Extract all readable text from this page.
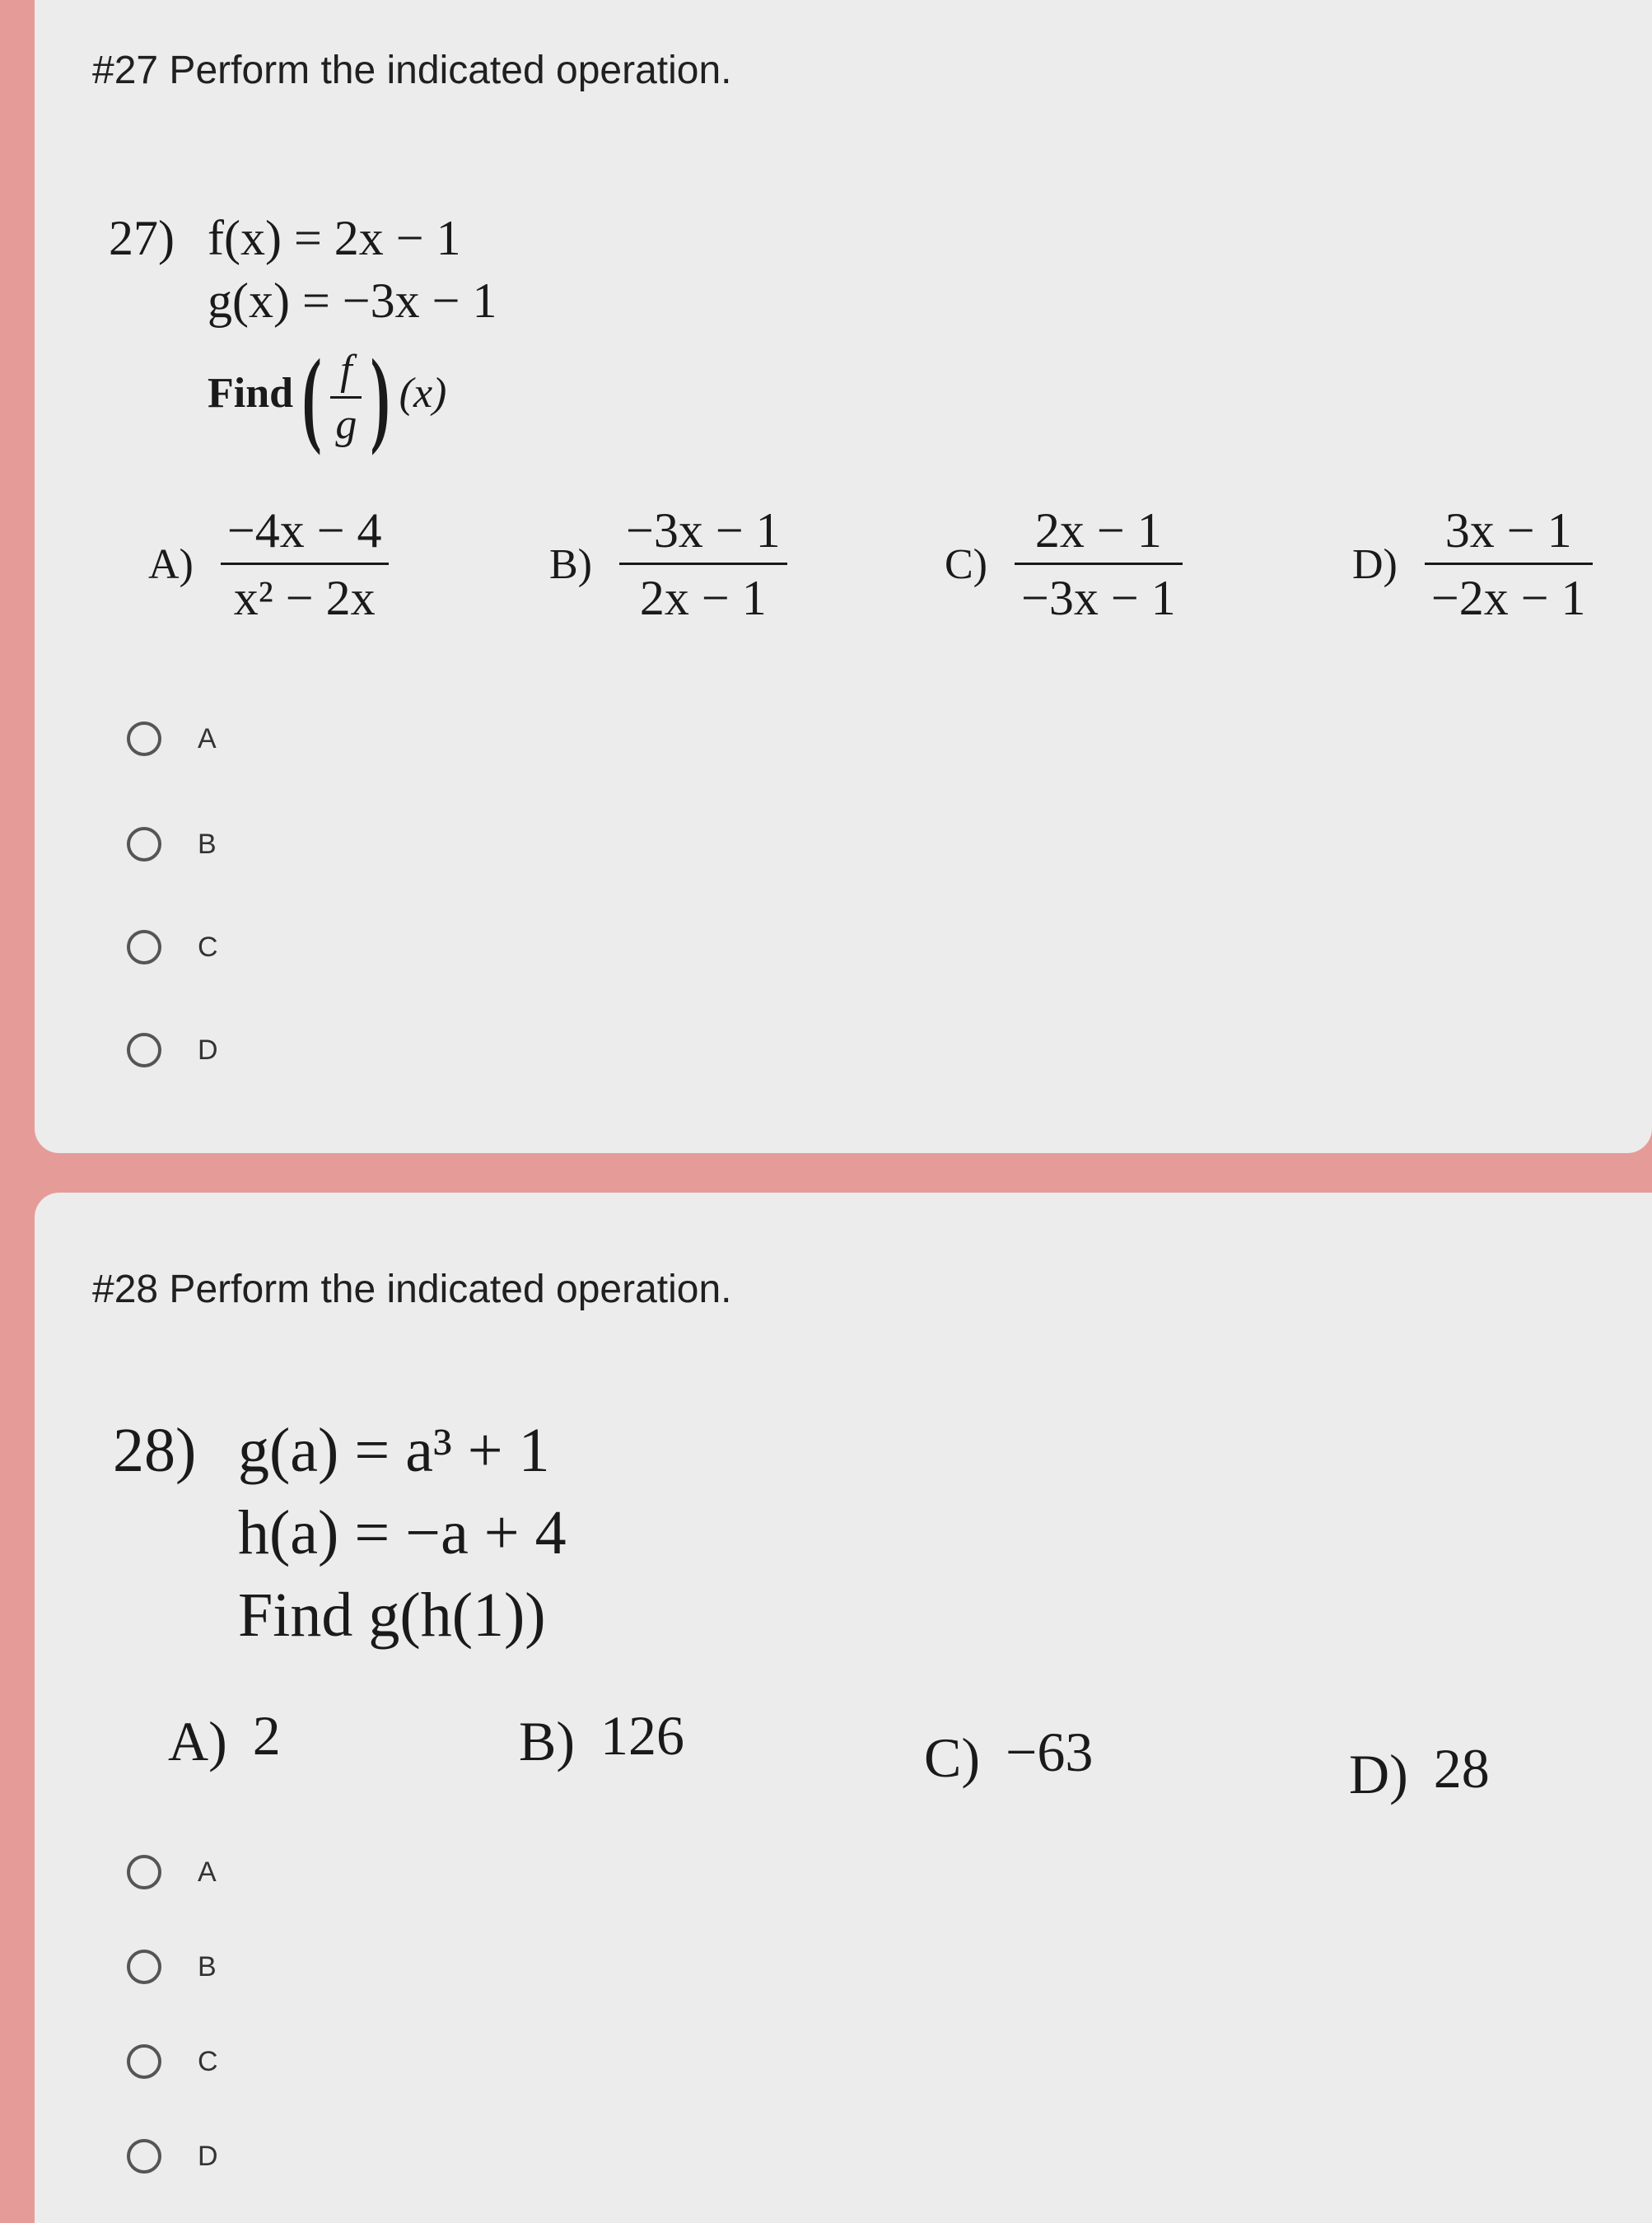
#27 Perform the indicated operation.
27) f(x) = 2x − 1
g(x) = −3x − 1
Find ( $\frac{f}{g}$ ) (x)
$A) \frac{-4x - 4}{\text{x² − 2x}}$	$B) \frac{-3x - 1}{2x - 1}$	$C) \frac{2x - 1}{-3x - 1}$	$D) \frac{3x - 1}{-2x - 1}$
A
B
C
D
#28 Perform the indicated operation.
28) g(a) = a³ + 1
h(a) = −a + 4
Find g(h(1))
A) 2	B) 126	C) −63	D) 28
A
B
C
D
